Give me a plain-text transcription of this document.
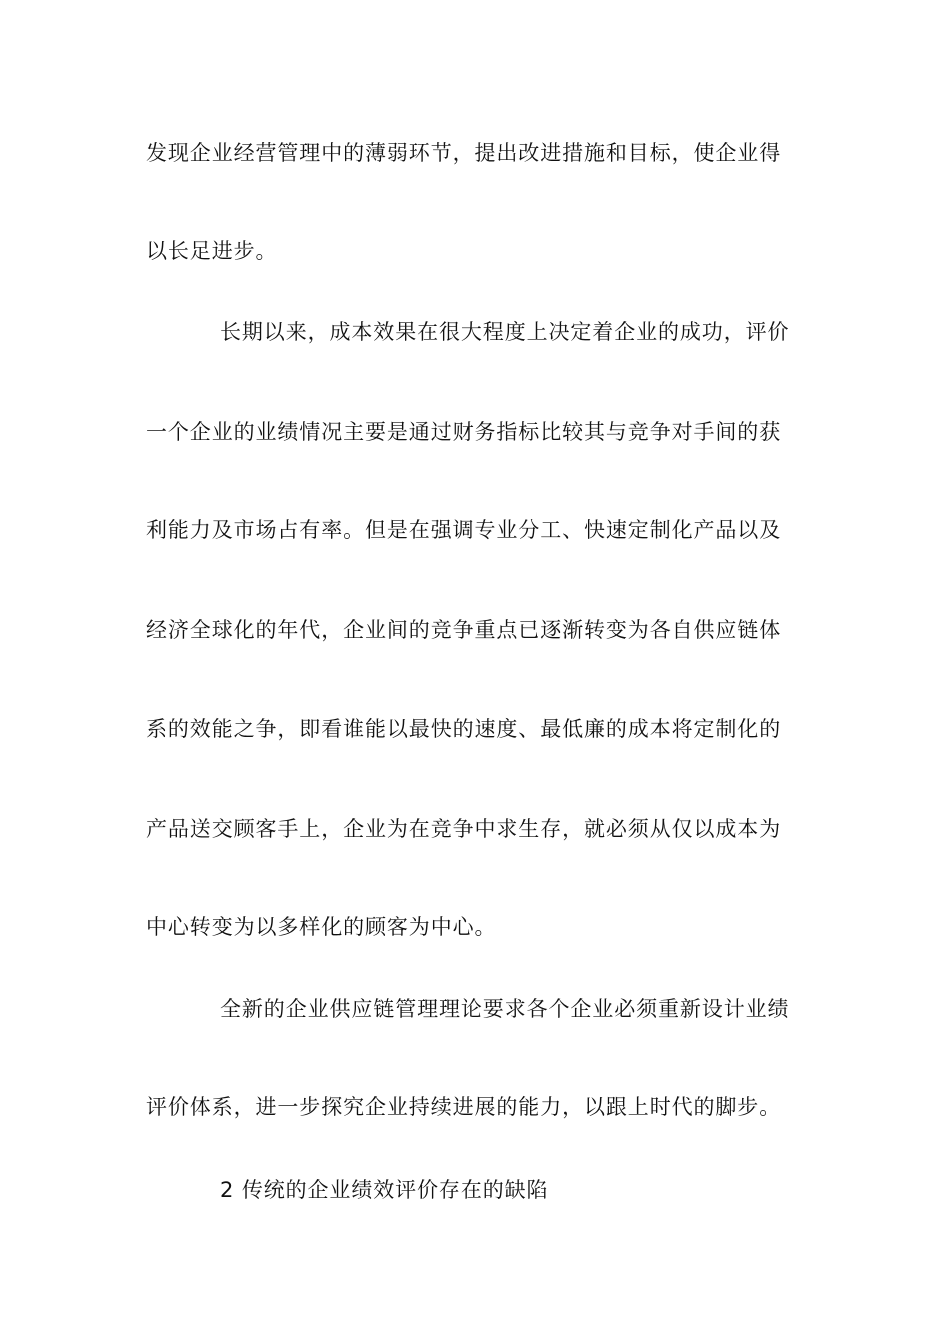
发现企业经营管理中的薄弱环节，提出改进措施和目标，使企业得
以长足进步。
长期以来，成本效果在很大程度上决定着企业的成功，评价
一个企业的业绩情况主要是通过财务指标比较其与竞争对手间的获
利能力及市场占有率。但是在强调专业分工、快速定制化产品以及
经济全球化的年代，企业间的竞争重点已逐渐转变为各自供应链体
系的效能之争，即看谁能以最快的速度、最低廉的成本将定制化的
产品送交顾客手上，企业为在竞争中求生存，就必须从仅以成本为
中心转变为以多样化的顾客为中心。
全新的企业供应链管理理论要求各个企业必须重新设计业绩
评价体系，进一步探究企业持续进展的能力，以跟上时代的脚步。
2 传统的企业绩效评价存在的缺陷
